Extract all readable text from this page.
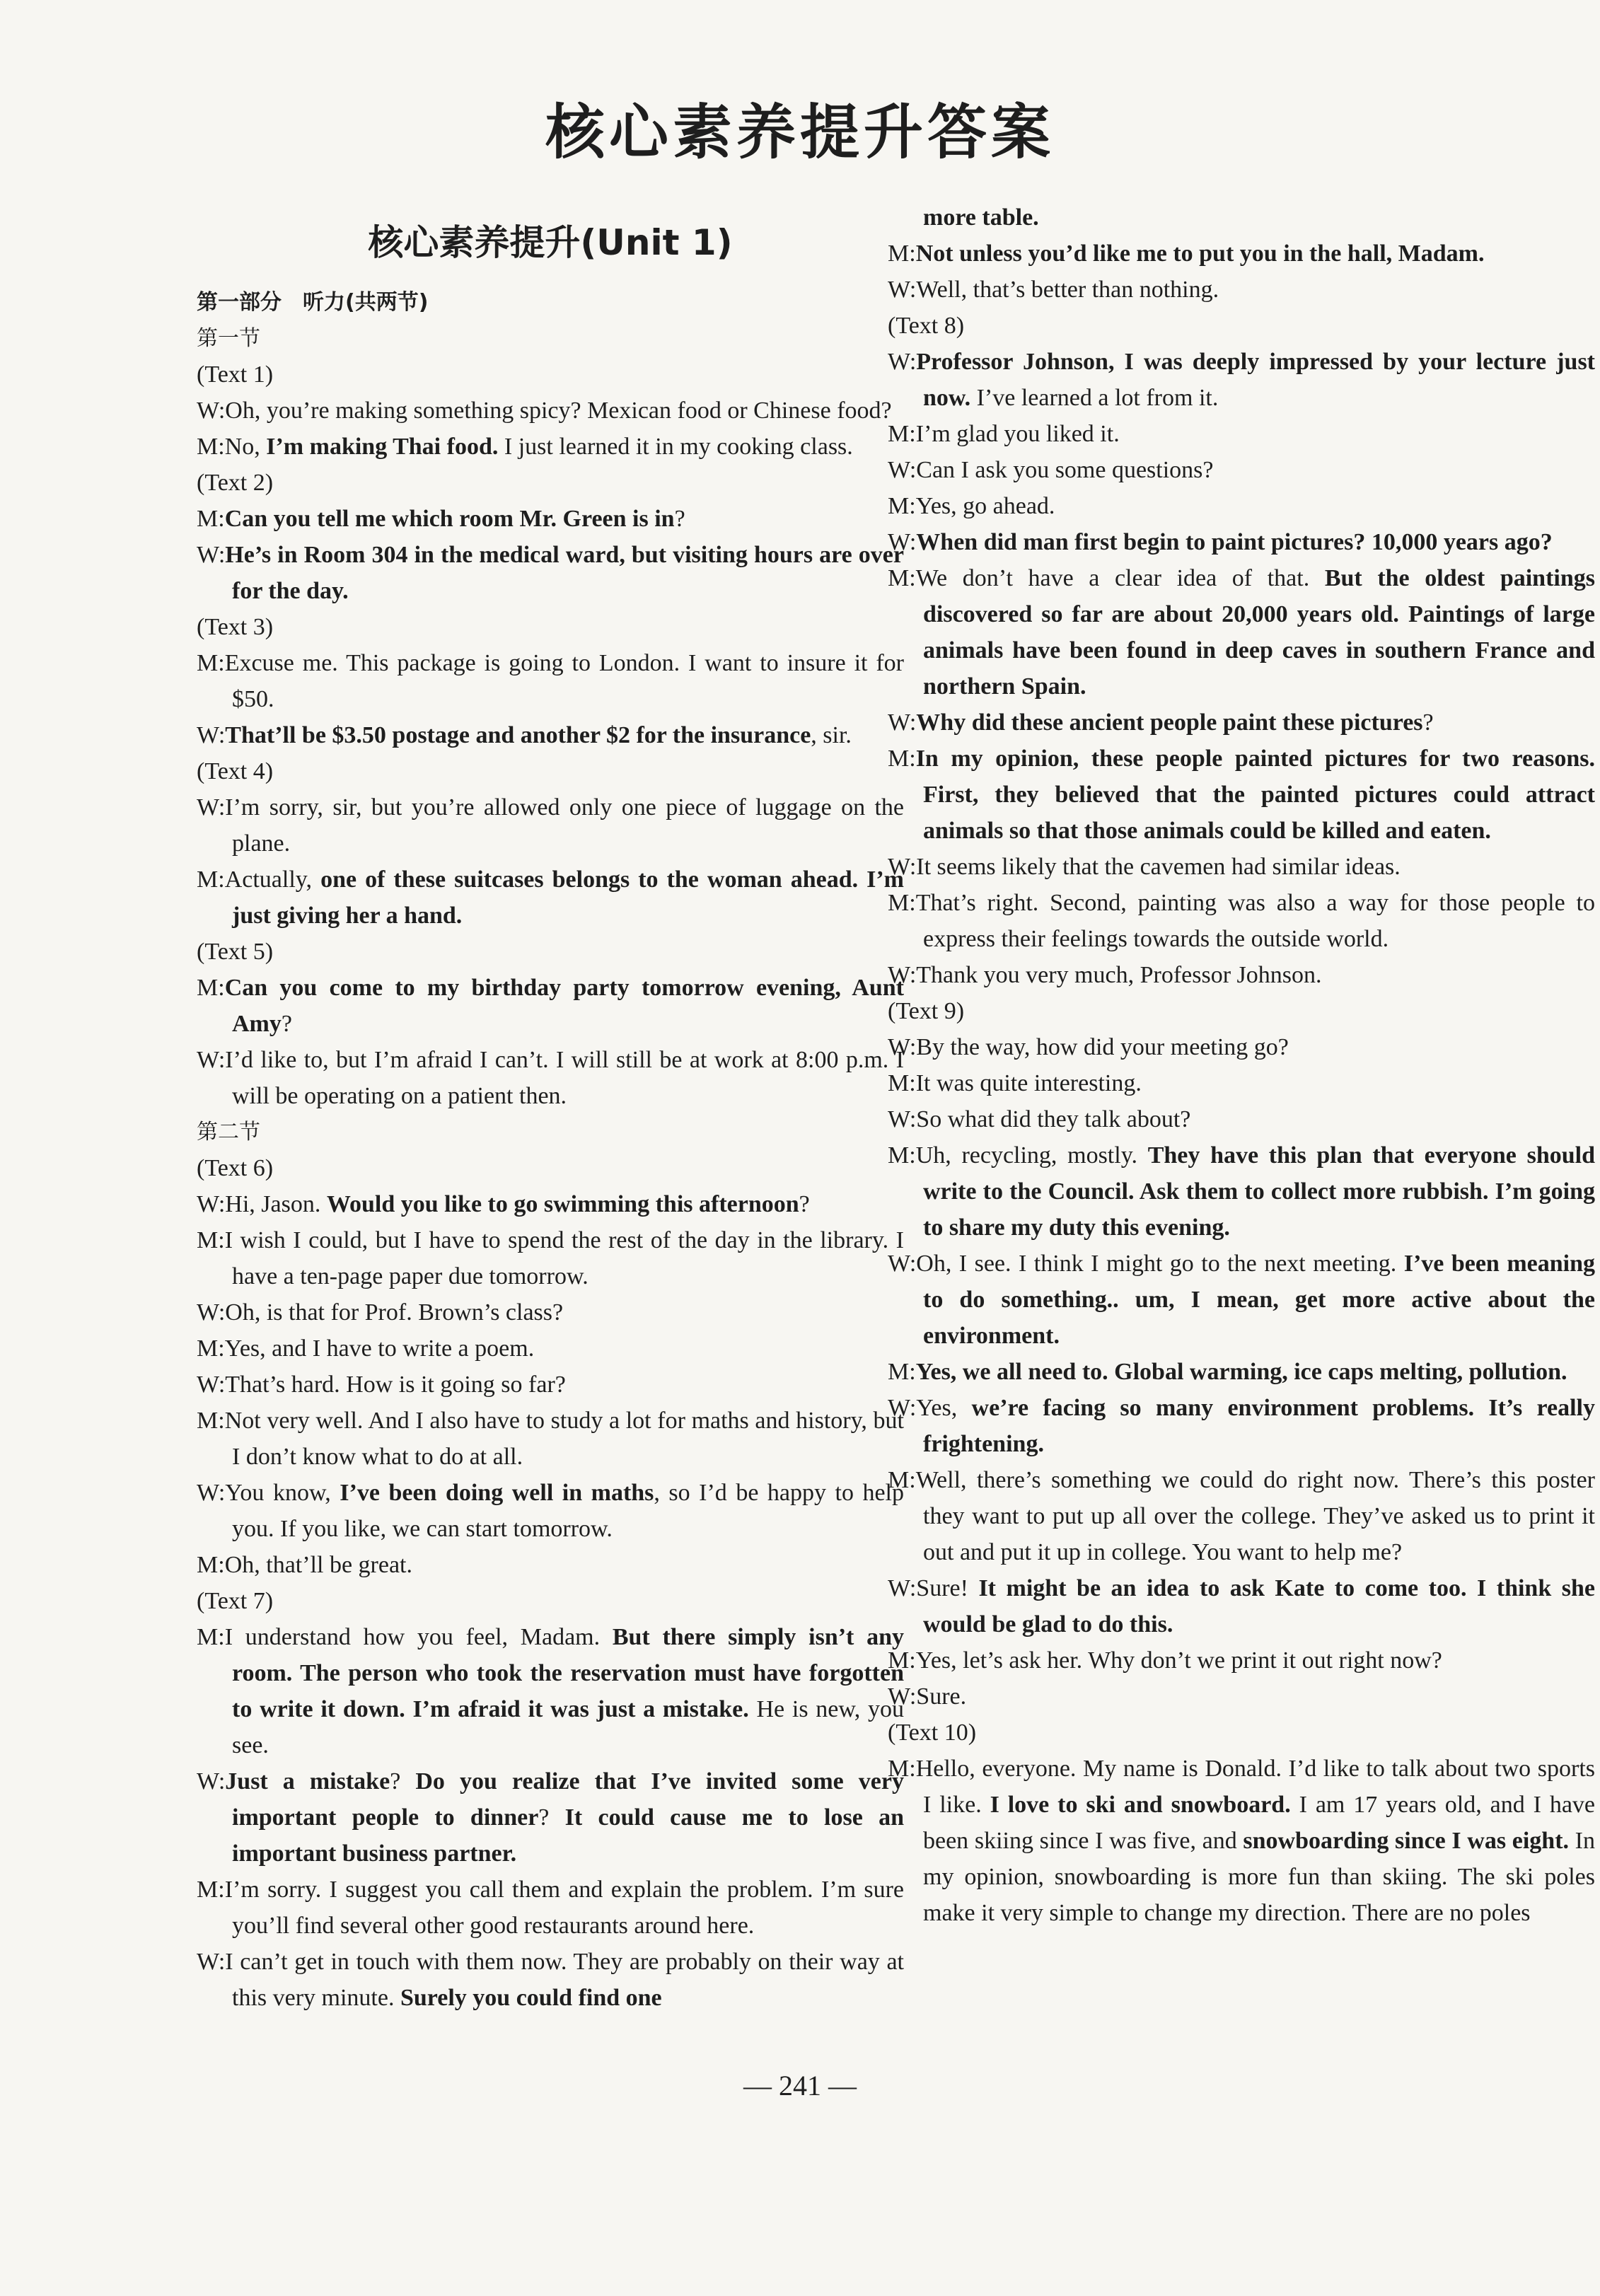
核心素养提升答案
核心素养提升(Unit 1)
第一部分　听力(共两节)
第一节
(Text 1)
W:Oh, you’re making something spicy? Mexican food or Chinese food?
M:No, I’m making Thai food. I just learned it in my cooking class.
(Text 2)
M:Can you tell me which room Mr. Green is in?
W:He’s in Room 304 in the medical ward, but visiting hours are over for the day.
(Text 3)
M:Excuse me. This package is going to London. I want to insure it for $50.
W:That’ll be $3.50 postage and another $2 for the insurance, sir.
(Text 4)
W:I’m sorry, sir, but you’re allowed only one piece of luggage on the plane.
M:Actually, one of these suitcases belongs to the woman ahead. I’m just giving her a hand.
(Text 5)
M:Can you come to my birthday party tomorrow evening, Aunt Amy?
W:I’d like to, but I’m afraid I can’t. I will still be at work at 8:00 p.m. I will be operating on a patient then.
第二节
(Text 6)
W:Hi, Jason. Would you like to go swimming this afternoon?
M:I wish I could, but I have to spend the rest of the day in the library. I have a ten-page paper due tomorrow.
W:Oh, is that for Prof. Brown’s class?
M:Yes, and I have to write a poem.
W:That’s hard. How is it going so far?
M:Not very well. And I also have to study a lot for maths and history, but I don’t know what to do at all.
W:You know, I’ve been doing well in maths, so I’d be happy to help you. If you like, we can start tomorrow.
M:Oh, that’ll be great.
(Text 7)
M:I understand how you feel, Madam. But there simply isn’t any room. The person who took the reservation must have forgotten to write it down. I’m afraid it was just a mistake. He is new, you see.
W:Just a mistake? Do you realize that I’ve invited some very important people to dinner? It could cause me to lose an important business partner.
M:I’m sorry. I suggest you call them and explain the problem. I’m sure you’ll find several other good restaurants around here.
W:I can’t get in touch with them now. They are probably on their way at this very minute. Surely you could find one
more table.
M:Not unless you’d like me to put you in the hall, Madam.
W:Well, that’s better than nothing.
(Text 8)
W:Professor Johnson, I was deeply impressed by your lecture just now. I’ve learned a lot from it.
M:I’m glad you liked it.
W:Can I ask you some questions?
M:Yes, go ahead.
W:When did man first begin to paint pictures? 10,000 years ago?
M:We don’t have a clear idea of that. But the oldest paintings discovered so far are about 20,000 years old. Paintings of large animals have been found in deep caves in southern France and northern Spain.
W:Why did these ancient people paint these pictures?
M:In my opinion, these people painted pictures for two reasons. First, they believed that the painted pictures could attract animals so that those animals could be killed and eaten.
W:It seems likely that the cavemen had similar ideas.
M:That’s right. Second, painting was also a way for those people to express their feelings towards the outside world.
W:Thank you very much, Professor Johnson.
(Text 9)
W:By the way, how did your meeting go?
M:It was quite interesting.
W:So what did they talk about?
M:Uh, recycling, mostly. They have this plan that everyone should write to the Council. Ask them to collect more rubbish. I’m going to share my duty this evening.
W:Oh, I see. I think I might go to the next meeting. I’ve been meaning to do something.. um, I mean, get more active about the environment.
M:Yes, we all need to. Global warming, ice caps melting, pollution.
W:Yes, we’re facing so many environment problems. It’s really frightening.
M:Well, there’s something we could do right now. There’s this poster they want to put up all over the college. They’ve asked us to print it out and put it up in college. You want to help me?
W:Sure! It might be an idea to ask Kate to come too. I think she would be glad to do this.
M:Yes, let’s ask her. Why don’t we print it out right now?
W:Sure.
(Text 10)
M:Hello, everyone. My name is Donald. I’d like to talk about two sports I like. I love to ski and snowboard. I am 17 years old, and I have been skiing since I was five, and snowboarding since I was eight. In my opinion, snowboarding is more fun than skiing. The ski poles make it very simple to change my direction. There are no poles
— 241 —
